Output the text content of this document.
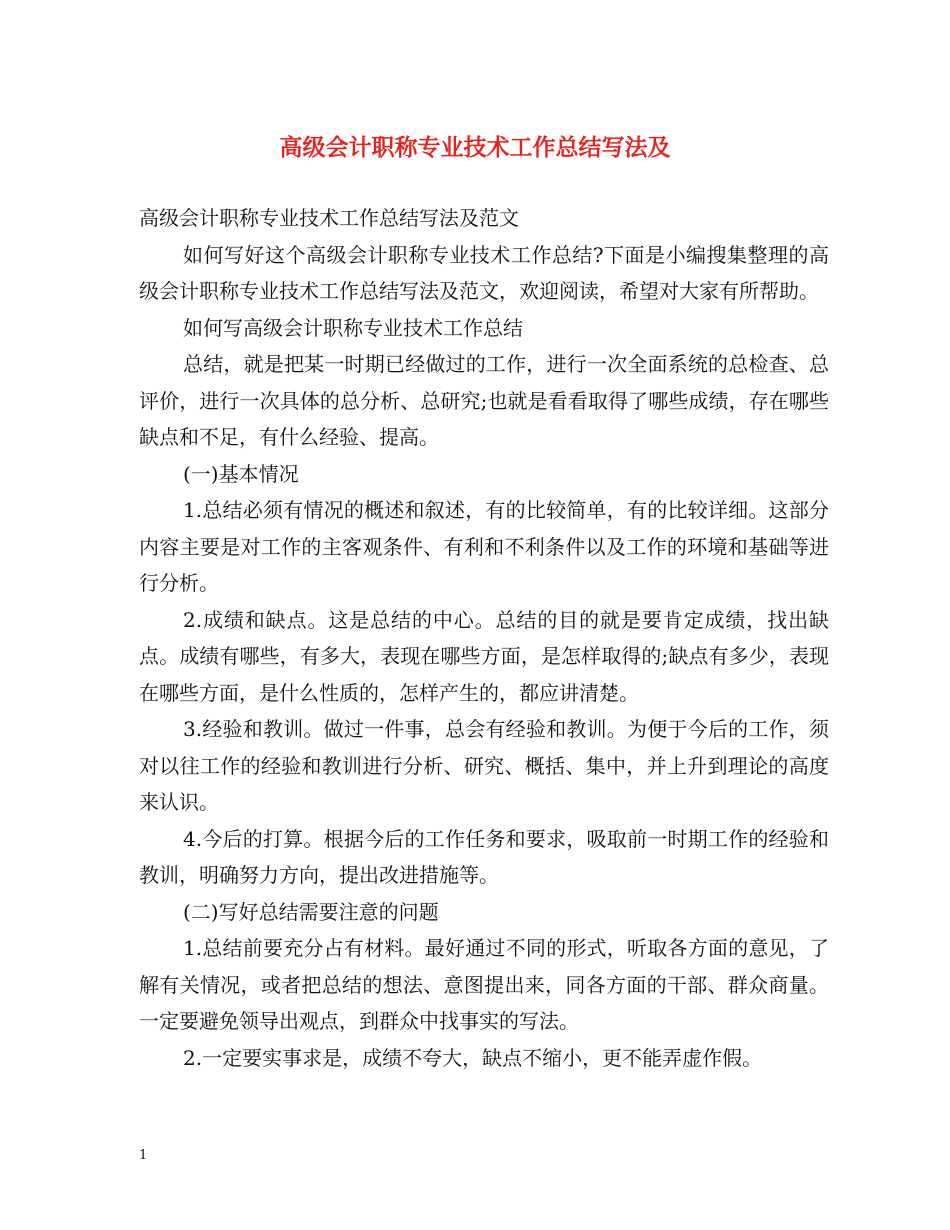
高级会计职称专业技术工作总结写法及

高级会计职称专业技术工作总结写法及范文

如何写好这个高级会计职称专业技术工作总结?下面是小编搜集整理的高级会计职称专业技术工作总结写法及范文，欢迎阅读，希望对大家有所帮助。

如何写高级会计职称专业技术工作总结

总结，就是把某一时期已经做过的工作，进行一次全面系统的总检查、总评价，进行一次具体的总分析、总研究;也就是看看取得了哪些成绩，存在哪些缺点和不足，有什么经验、提高。

(一)基本情况

1.总结必须有情况的概述和叙述，有的比较简单，有的比较详细。这部分内容主要是对工作的主客观条件、有利和不利条件以及工作的环境和基础等进行分析。

2.成绩和缺点。这是总结的中心。总结的目的就是要肯定成绩，找出缺点。成绩有哪些，有多大，表现在哪些方面，是怎样取得的;缺点有多少，表现在哪些方面，是什么性质的，怎样产生的，都应讲清楚。

3.经验和教训。做过一件事，总会有经验和教训。为便于今后的工作，须对以往工作的经验和教训进行分析、研究、概括、集中，并上升到理论的高度来认识。

4.今后的打算。根据今后的工作任务和要求，吸取前一时期工作的经验和教训，明确努力方向，提出改进措施等。

(二)写好总结需要注意的问题

1.总结前要充分占有材料。最好通过不同的形式，听取各方面的意见，了解有关情况，或者把总结的想法、意图提出来，同各方面的干部、群众商量。一定要避免领导出观点，到群众中找事实的写法。

2.一定要实事求是，成绩不夸大，缺点不缩小，更不能弄虚作假。

1
